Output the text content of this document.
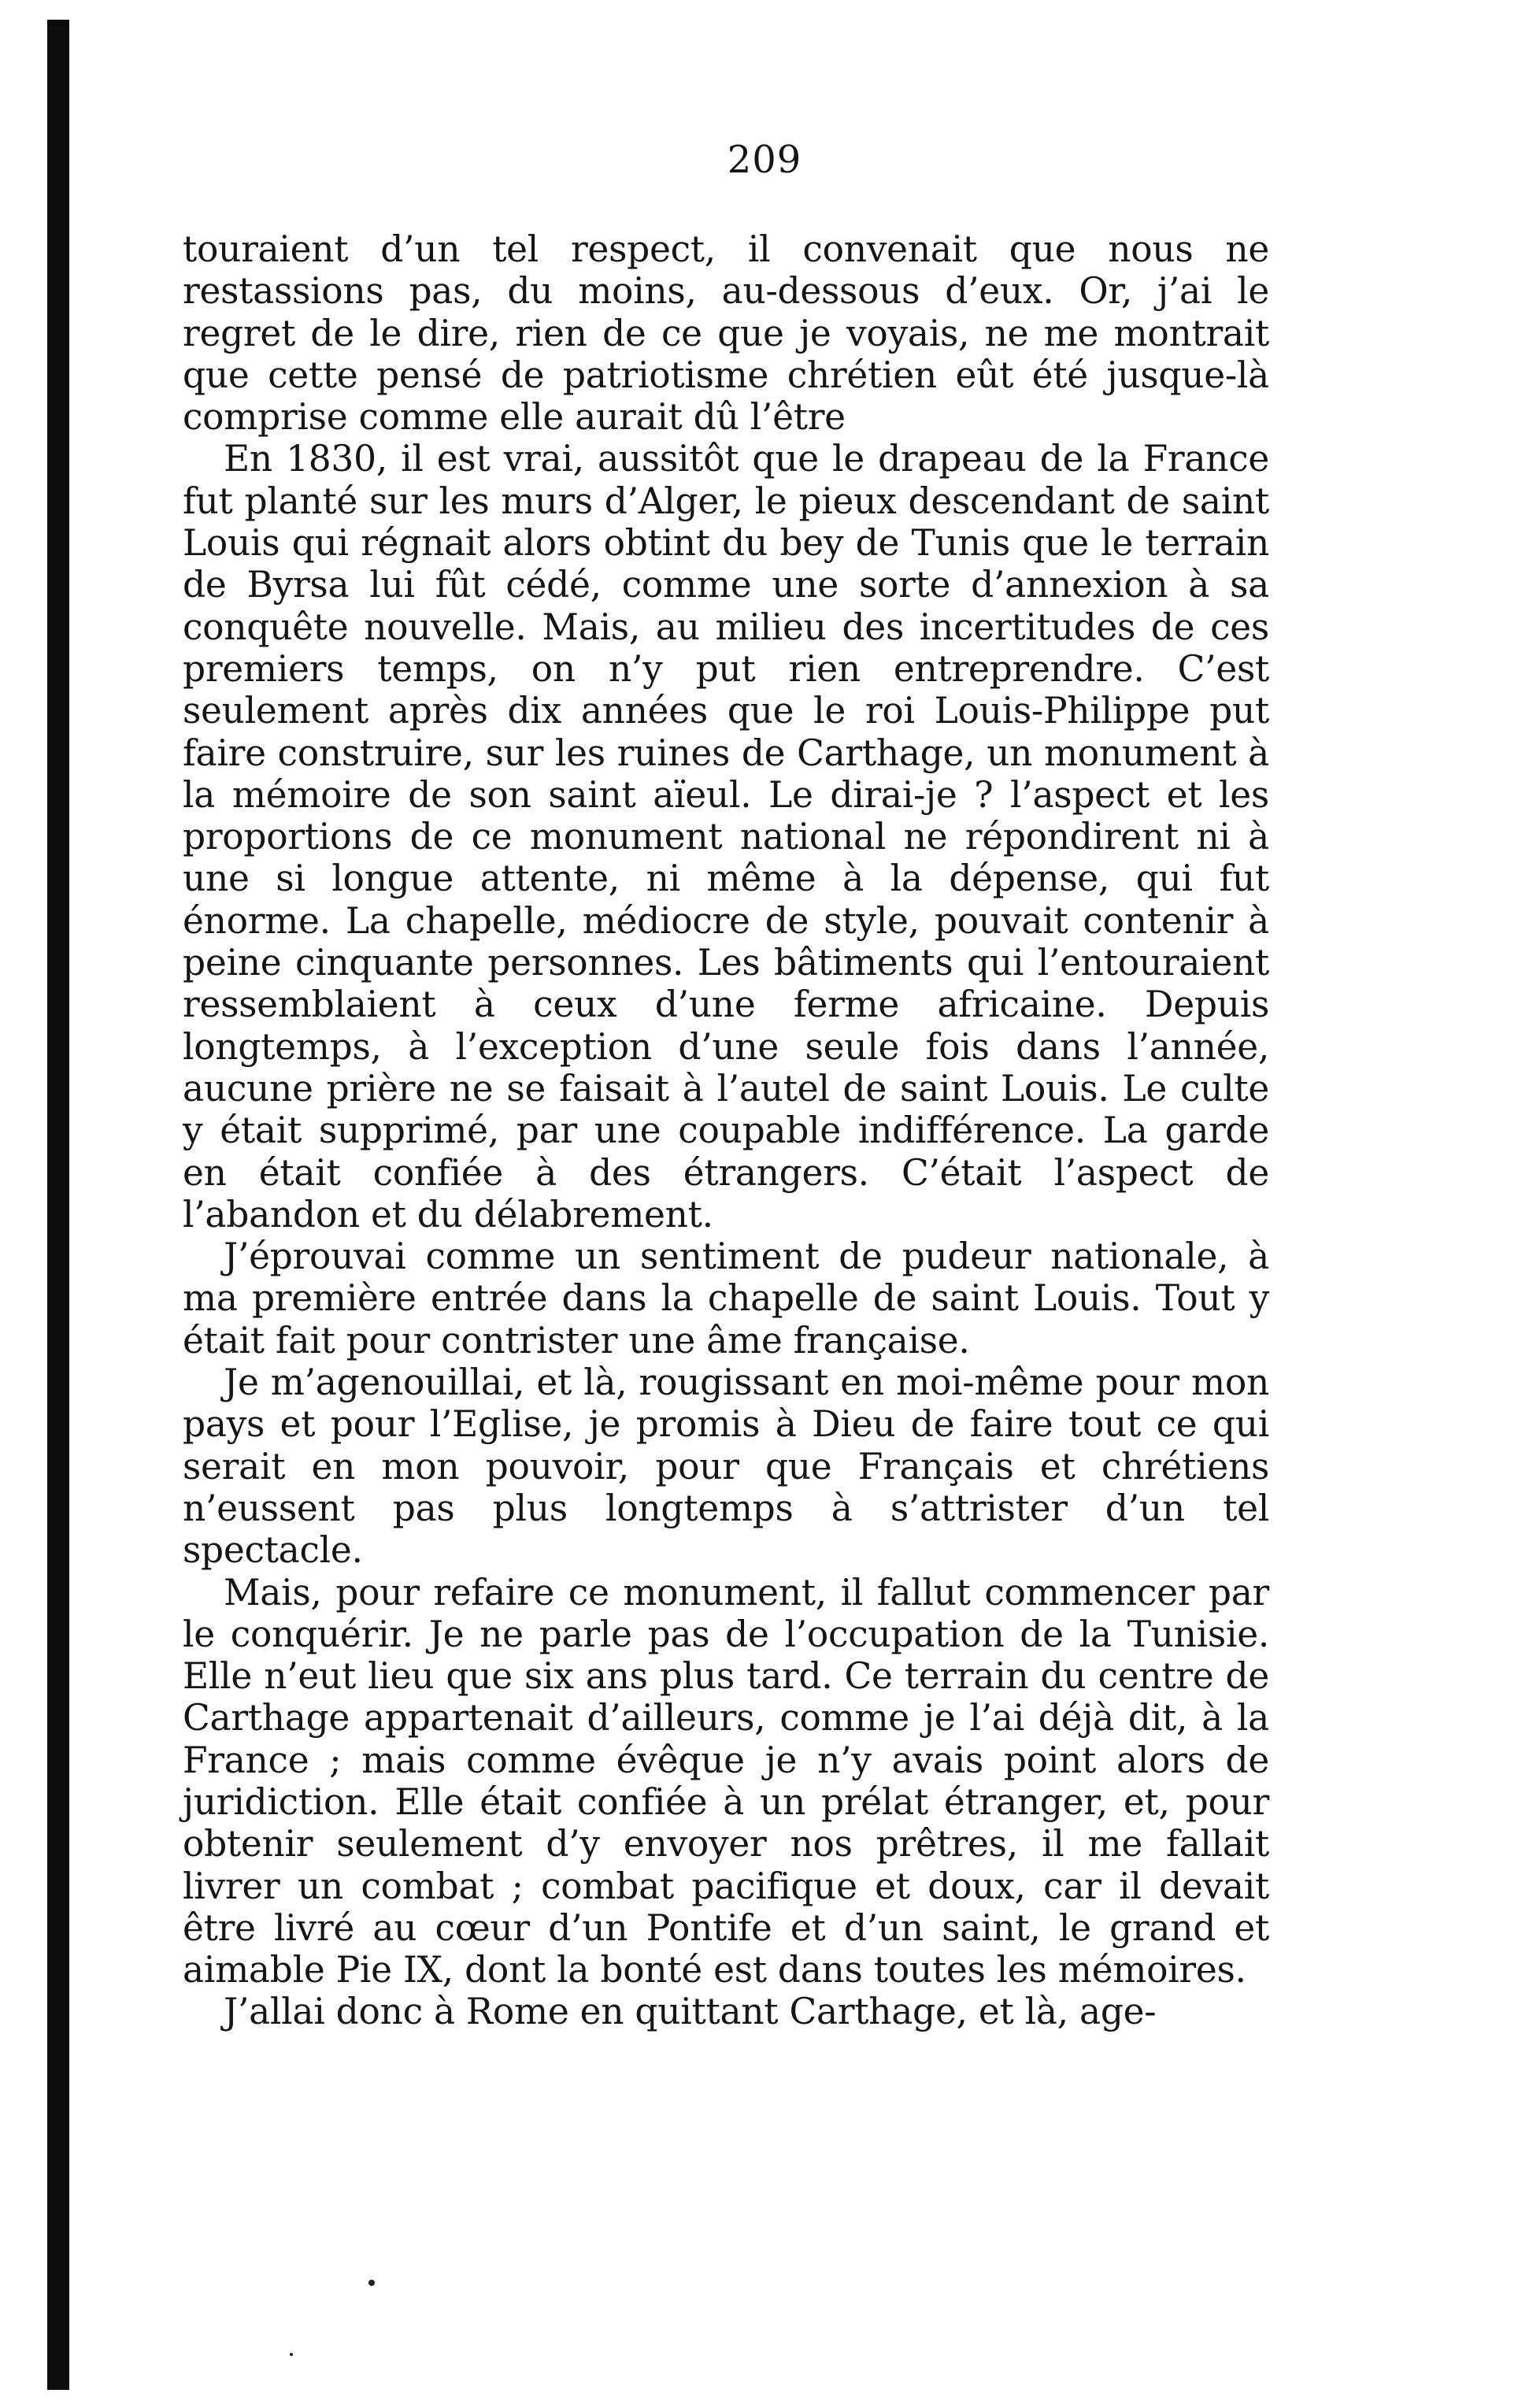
209

touraient d’un tel respect, il convenait que nous ne restassions pas, du moins, au-dessous d’eux. Or, j’ai le regret de le dire, rien de ce que je voyais, ne me montrait que cette pensé de patriotisme chrétien eût été jusque-là comprise comme elle aurait dû l’être

En 1830, il est vrai, aussitôt que le drapeau de la France fut planté sur les murs d’Alger, le pieux descendant de saint Louis qui régnait alors obtint du bey de Tunis que le terrain de Byrsa lui fût cédé, comme une sorte d’annexion à sa conquête nouvelle. Mais, au milieu des incertitudes de ces premiers temps, on n’y put rien entreprendre. C’est seulement après dix années que le roi Louis-Philippe put faire construire, sur les ruines de Carthage, un monument à la mémoire de son saint aïeul. Le dirai-je ? l’aspect et les proportions de ce monument national ne répondirent ni à une si longue attente, ni même à la dépense, qui fut énorme. La chapelle, médiocre de style, pouvait contenir à peine cinquante personnes. Les bâtiments qui l’entouraient ressemblaient à ceux d’une ferme africaine. Depuis longtemps, à l’exception d’une seule fois dans l’année, aucune prière ne se faisait à l’autel de saint Louis. Le culte y était supprimé, par une coupable indifférence. La garde en était confiée à des étrangers. C’était l’aspect de l’abandon et du délabrement.

J’éprouvai comme un sentiment de pudeur nationale, à ma première entrée dans la chapelle de saint Louis. Tout y était fait pour contrister une âme française.

Je m’agenouillai, et là, rougissant en moi-même pour mon pays et pour l’Eglise, je promis à Dieu de faire tout ce qui serait en mon pouvoir, pour que Français et chrétiens n’eussent pas plus longtemps à s’attrister d’un tel spectacle.

Mais, pour refaire ce monument, il fallut commencer par le conquérir. Je ne parle pas de l’occupation de la Tunisie. Elle n’eut lieu que six ans plus tard. Ce terrain du centre de Carthage appartenait d’ailleurs, comme je l’ai déjà dit, à la France ; mais comme évêque je n’y avais point alors de juridiction. Elle était confiée à un prélat étranger, et, pour obtenir seulement d’y envoyer nos prêtres, il me fallait livrer un combat ; combat pacifique et doux, car il devait être livré au cœur d’un Pontife et d’un saint, le grand et aimable Pie IX, dont la bonté est dans toutes les mémoires.

J’allai donc à Rome en quittant Carthage, et là, age-
